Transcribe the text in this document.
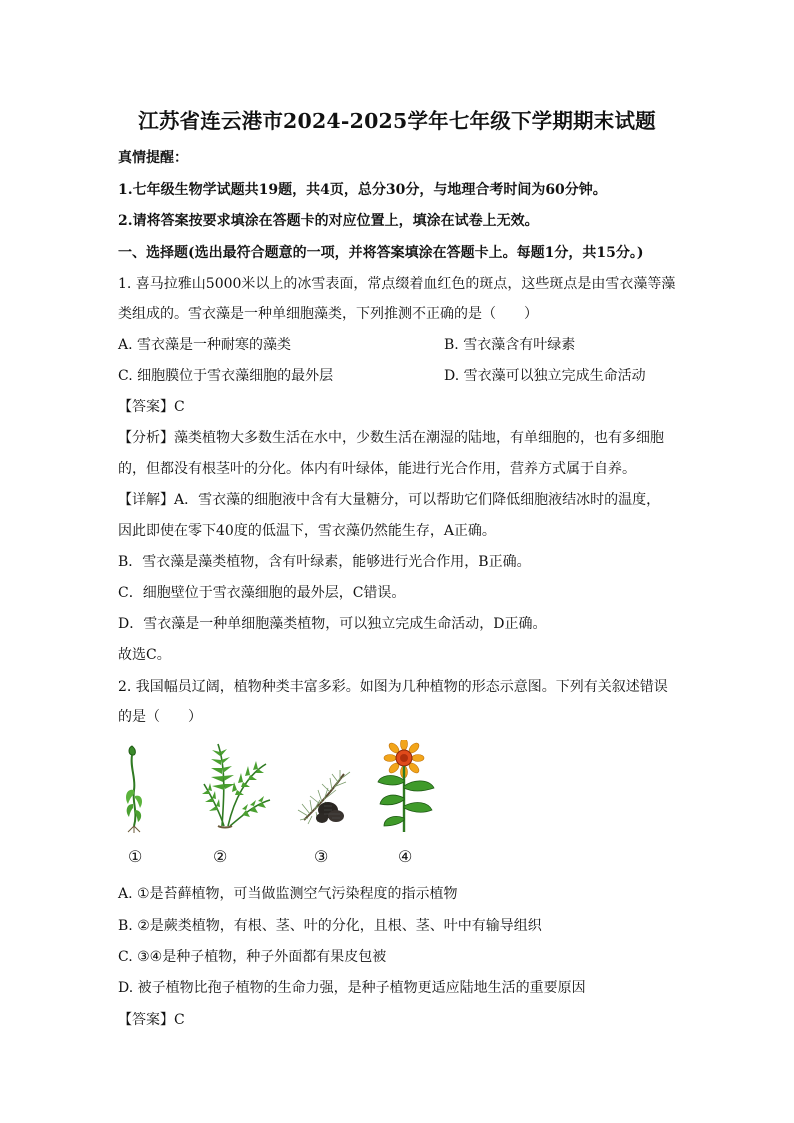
江苏省连云港市2024-2025学年七年级下学期期末试题
真情提醒：
1.七年级生物学试题共19题，共4页，总分30分，与地理合考时间为60分钟。
2.请将答案按要求填涂在答题卡的对应位置上，填涂在试卷上无效。
一、选择题(选出最符合题意的一项，并将答案填涂在答题卡上。每题1分，共15分。)
1. 喜马拉雅山5000米以上的冰雪表面，常点缀着血红色的斑点，这些斑点是由雪衣藻等藻
类组成的。雪衣藻是一种单细胞藻类，下列推测不正确的是（　　）
A. 雪衣藻是一种耐寒的藻类	B. 雪衣藻含有叶绿素
C. 细胞膜位于雪衣藻细胞的最外层	D. 雪衣藻可以独立完成生命活动
【答案】C
【分析】藻类植物大多数生活在水中，少数生活在潮湿的陆地，有单细胞的，也有多细胞
的，但都没有根茎叶的分化。体内有叶绿体，能进行光合作用，营养方式属于自养。
【详解】A．雪衣藻的细胞液中含有大量糖分，可以帮助它们降低细胞液结冰时的温度，
因此即使在零下40度的低温下，雪衣藻仍然能生存，A正确。
B．雪衣藻是藻类植物，含有叶绿素，能够进行光合作用，B正确。
C．细胞壁位于雪衣藻细胞的最外层，C错误。
D．雪衣藻是一种单细胞藻类植物，可以独立完成生命活动，D正确。
故选C。
2. 我国幅员辽阔，植物种类丰富多彩。如图为几种植物的形态示意图。下列有关叙述错误
的是（　　）
①	②	③	④
A. ①是苔藓植物，可当做监测空气污染程度的指示植物
B. ②是蕨类植物，有根、茎、叶的分化，且根、茎、叶中有输导组织
C. ③④是种子植物，种子外面都有果皮包被
D. 被子植物比孢子植物的生命力强，是种子植物更适应陆地生活的重要原因
【答案】C
